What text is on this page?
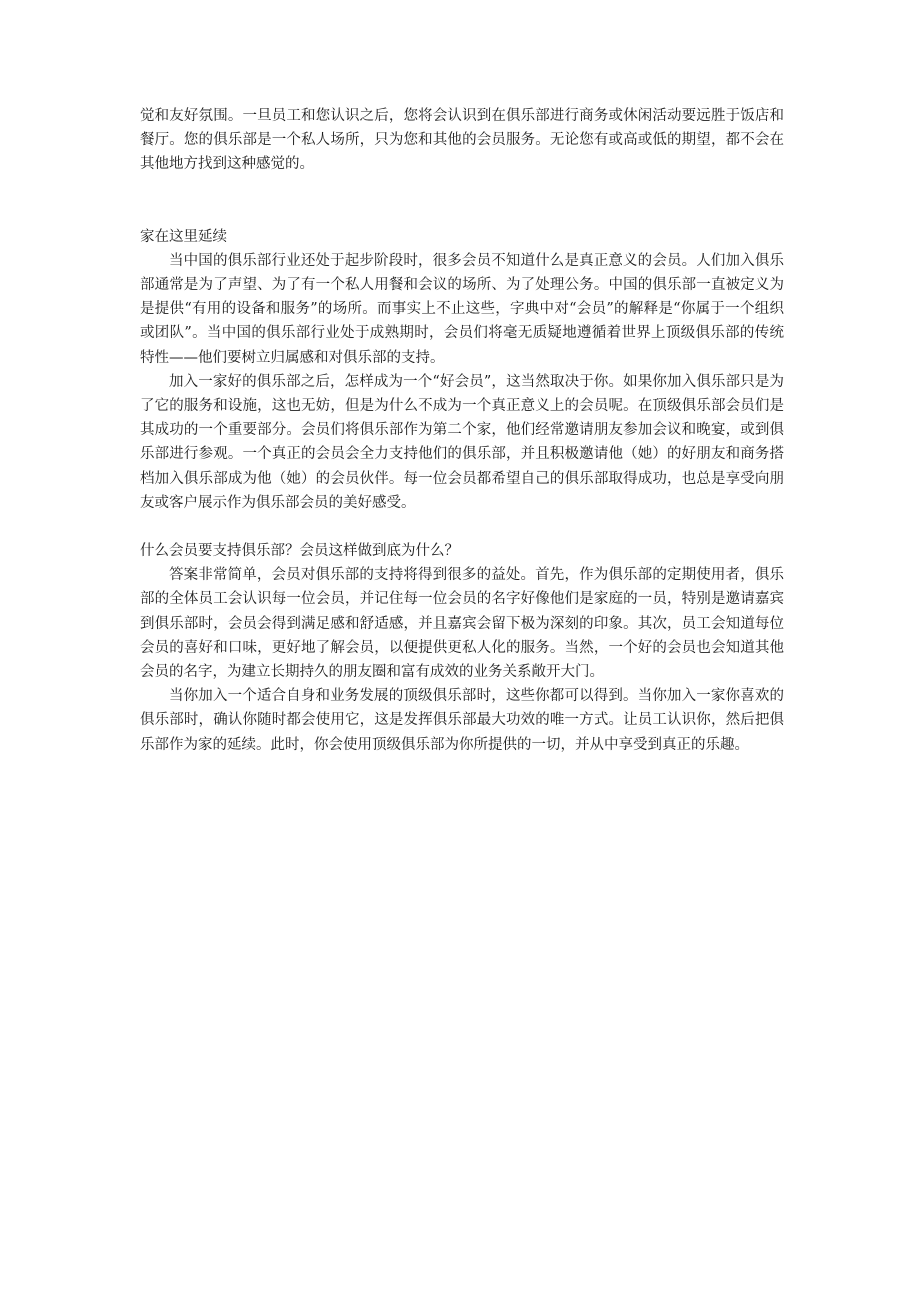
觉和友好氛围。一旦员工和您认识之后，您将会认识到在俱乐部进行商务或休闲活动要远胜于饭店和餐厅。您的俱乐部是一个私人场所，只为您和其他的会员服务。无论您有或高或低的期望，都不会在其他地方找到这种感觉的。

家在这里延续

当中国的俱乐部行业还处于起步阶段时，很多会员不知道什么是真正意义的会员。人们加入俱乐部通常是为了声望、为了有一个私人用餐和会议的场所、为了处理公务。中国的俱乐部一直被定义为是提供“有用的设备和服务”的场所。而事实上不止这些，字典中对“会员”的解释是“你属于一个组织或团队”。当中国的俱乐部行业处于成熟期时，会员们将毫无质疑地遵循着世界上顶级俱乐部的传统特性——他们要树立归属感和对俱乐部的支持。

加入一家好的俱乐部之后，怎样成为一个“好会员”，这当然取决于你。如果你加入俱乐部只是为了它的服务和设施，这也无妨，但是为什么不成为一个真正意义上的会员呢。在顶级俱乐部会员们是其成功的一个重要部分。会员们将俱乐部作为第二个家，他们经常邀请朋友参加会议和晚宴，或到俱乐部进行参观。一个真正的会员会全力支持他们的俱乐部，并且积极邀请他（她）的好朋友和商务搭档加入俱乐部成为他（她）的会员伙伴。每一位会员都希望自己的俱乐部取得成功，也总是享受向朋友或客户展示作为俱乐部会员的美好感受。

什么会员要支持俱乐部？会员这样做到底为什么？

答案非常简单，会员对俱乐部的支持将得到很多的益处。首先，作为俱乐部的定期使用者，俱乐部的全体员工会认识每一位会员，并记住每一位会员的名字好像他们是家庭的一员，特别是邀请嘉宾到俱乐部时，会员会得到满足感和舒适感，并且嘉宾会留下极为深刻的印象。其次，员工会知道每位会员的喜好和口味，更好地了解会员，以便提供更私人化的服务。当然，一个好的会员也会知道其他会员的名字，为建立长期持久的朋友圈和富有成效的业务关系敞开大门。

当你加入一个适合自身和业务发展的顶级俱乐部时，这些你都可以得到。当你加入一家你喜欢的俱乐部时，确认你随时都会使用它，这是发挥俱乐部最大功效的唯一方式。让员工认识你，然后把俱乐部作为家的延续。此时，你会使用顶级俱乐部为你所提供的一切，并从中享受到真正的乐趣。
